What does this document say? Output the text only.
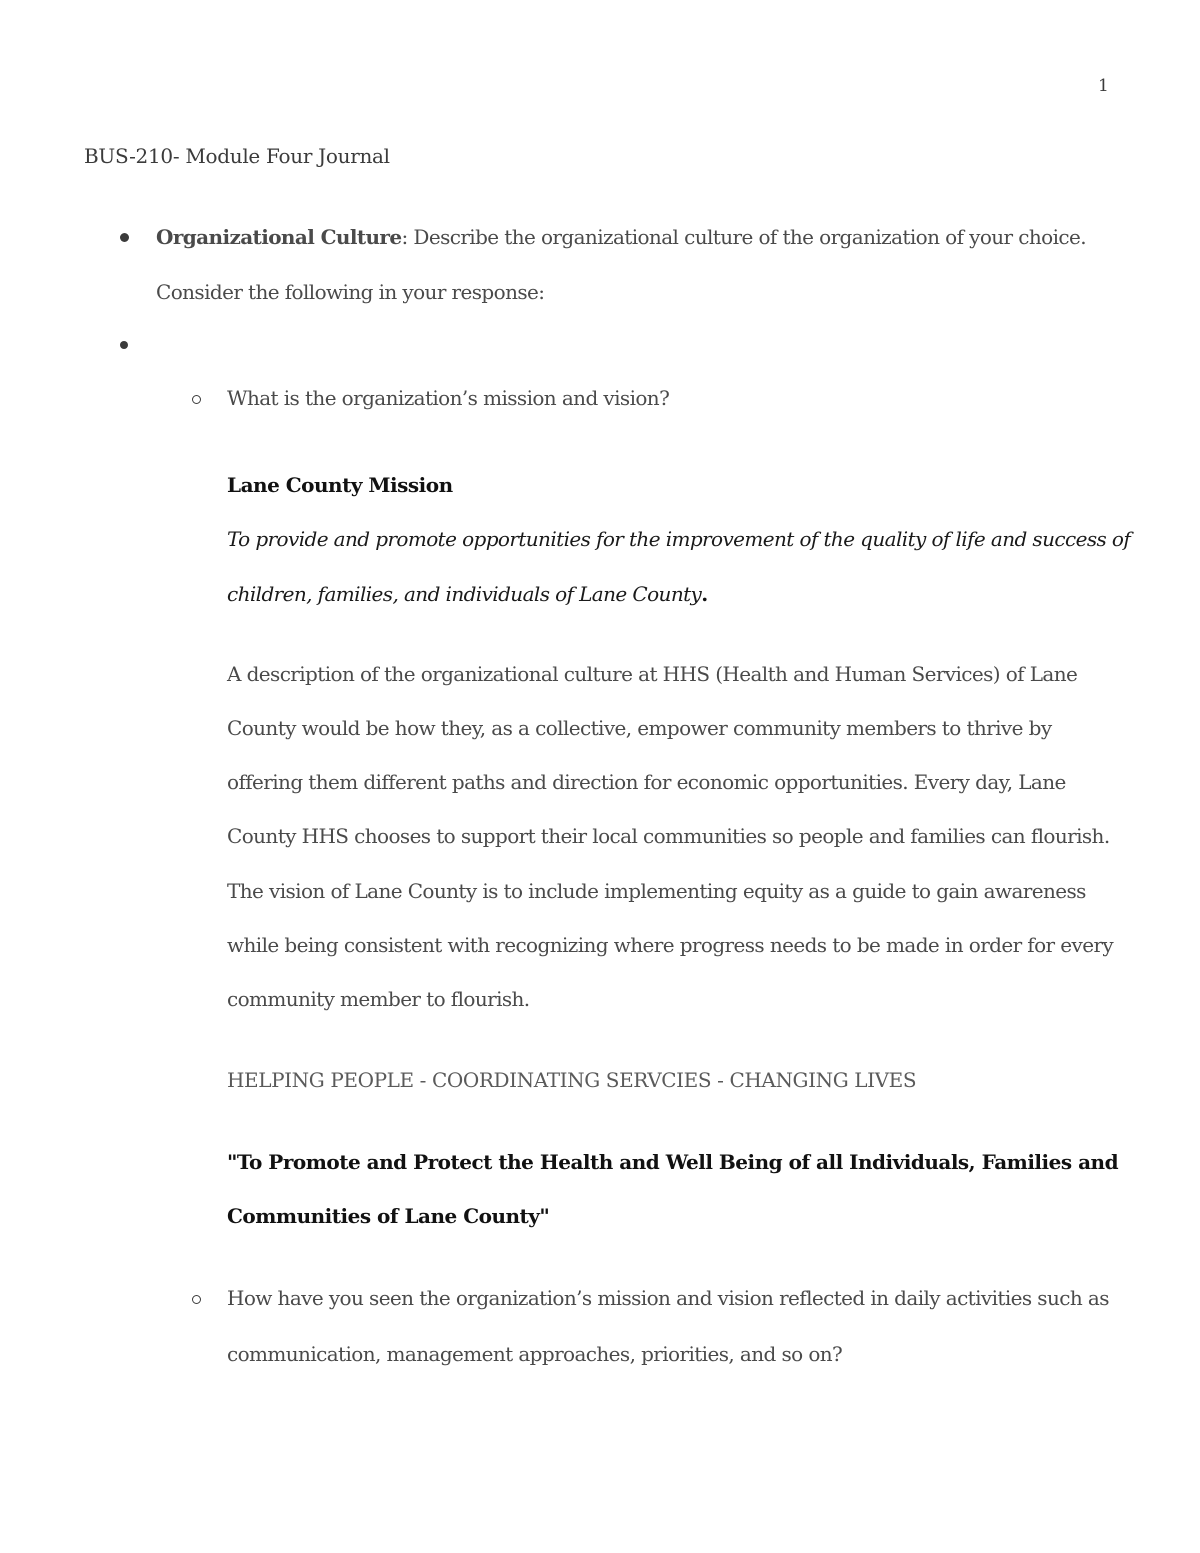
1
BUS-210- Module Four Journal
Organizational Culture: Describe the organizational culture of the organization of your choice.
Consider the following in your response:
What is the organization’s mission and vision?
Lane County Mission
To provide and promote opportunities for the improvement of the quality of life and success of
children, families, and individuals of Lane County.
A description of the organizational culture at HHS (Health and Human Services) of Lane
County would be how they, as a collective, empower community members to thrive by
offering them different paths and direction for economic opportunities. Every day, Lane
County HHS chooses to support their local communities so people and families can flourish.
The vision of Lane County is to include implementing equity as a guide to gain awareness
while being consistent with recognizing where progress needs to be made in order for every
community member to flourish.
HELPING PEOPLE - COORDINATING SERVCIES - CHANGING LIVES
"To Promote and Protect the Health and Well Being of all Individuals, Families and
Communities of Lane County"
How have you seen the organization’s mission and vision reflected in daily activities such as
communication, management approaches, priorities, and so on?
